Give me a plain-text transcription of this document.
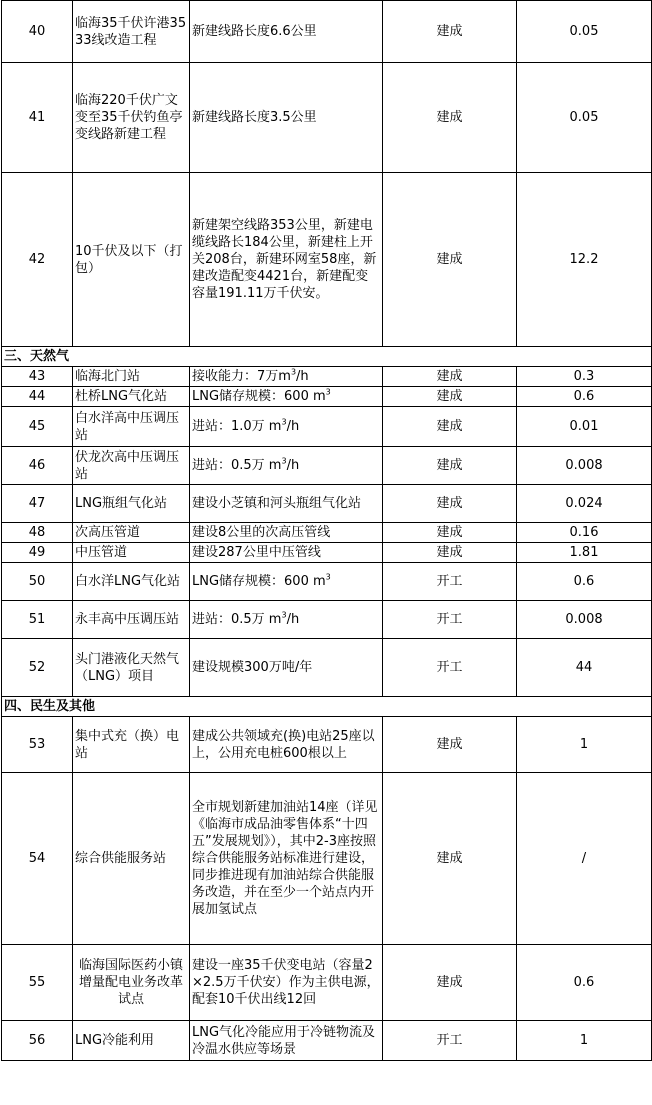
40	临海35千伏许港3533线改造工程	新建线路长度6.6公里	建成	0.05
41	临海220千伏广文变至35千伏钓鱼亭变线路新建工程	新建线路长度3.5公里	建成	0.05
42	10千伏及以下（打包）	新建架空线路353公里，新建电缆线路长184公里，新建柱上开关208台，新建环网室58座，新建改造配变4421台，新建配变容量191.11万千伏安。	建成	12.2
三、天然气				
43	临海北门站	接收能力：7万$m^3/h$	建成	0.3
44	杜桥LNG气化站	LNG储存规模：600 $m^3$	建成	0.6
45	白水洋高中压调压站	进站：1.0万 $m^3/h$	建成	0.01
46	伏龙次高中压调压站	进站：0.5万 $m^3/h$	建成	0.008
47	LNG瓶组气化站	建设小芝镇和河头瓶组气化站	建成	0.024
48	次高压管道	建设8公里的次高压管线	建成	0.16
49	中压管道	建设287公里中压管线	建成	1.81
50	白水洋LNG气化站	LNG储存规模：600 $m^3$	开工	0.6
51	永丰高中压调压站	进站：0.5万 $m^3/h$	开工	0.008
52	头门港液化天然气（LNG）项目	建设规模300万吨/年	开工	44
四、民生及其他				
53	集中式充（换）电站	建成公共领域充(换)电站25座以上，公用充电桩600根以上	建成	1
54	综合供能服务站	全市规划新建加油站14座（详见《临海市成品油零售体系“十四五”发展规划》），其中2-3座按照综合供能服务站标准进行建设，同步推进现有加油站综合供能服务改造，并在至少一个站点内开展加氢试点	建成	/
55	临海国际医药小镇增量配电业务改革试点	建设一座35千伏变电站（容量2×2.5万千伏安）作为主供电源，配套10千伏出线12回	建成	0.6
56	LNG冷能利用	LNG气化冷能应用于冷链物流及冷温水供应等场景	开工	1
